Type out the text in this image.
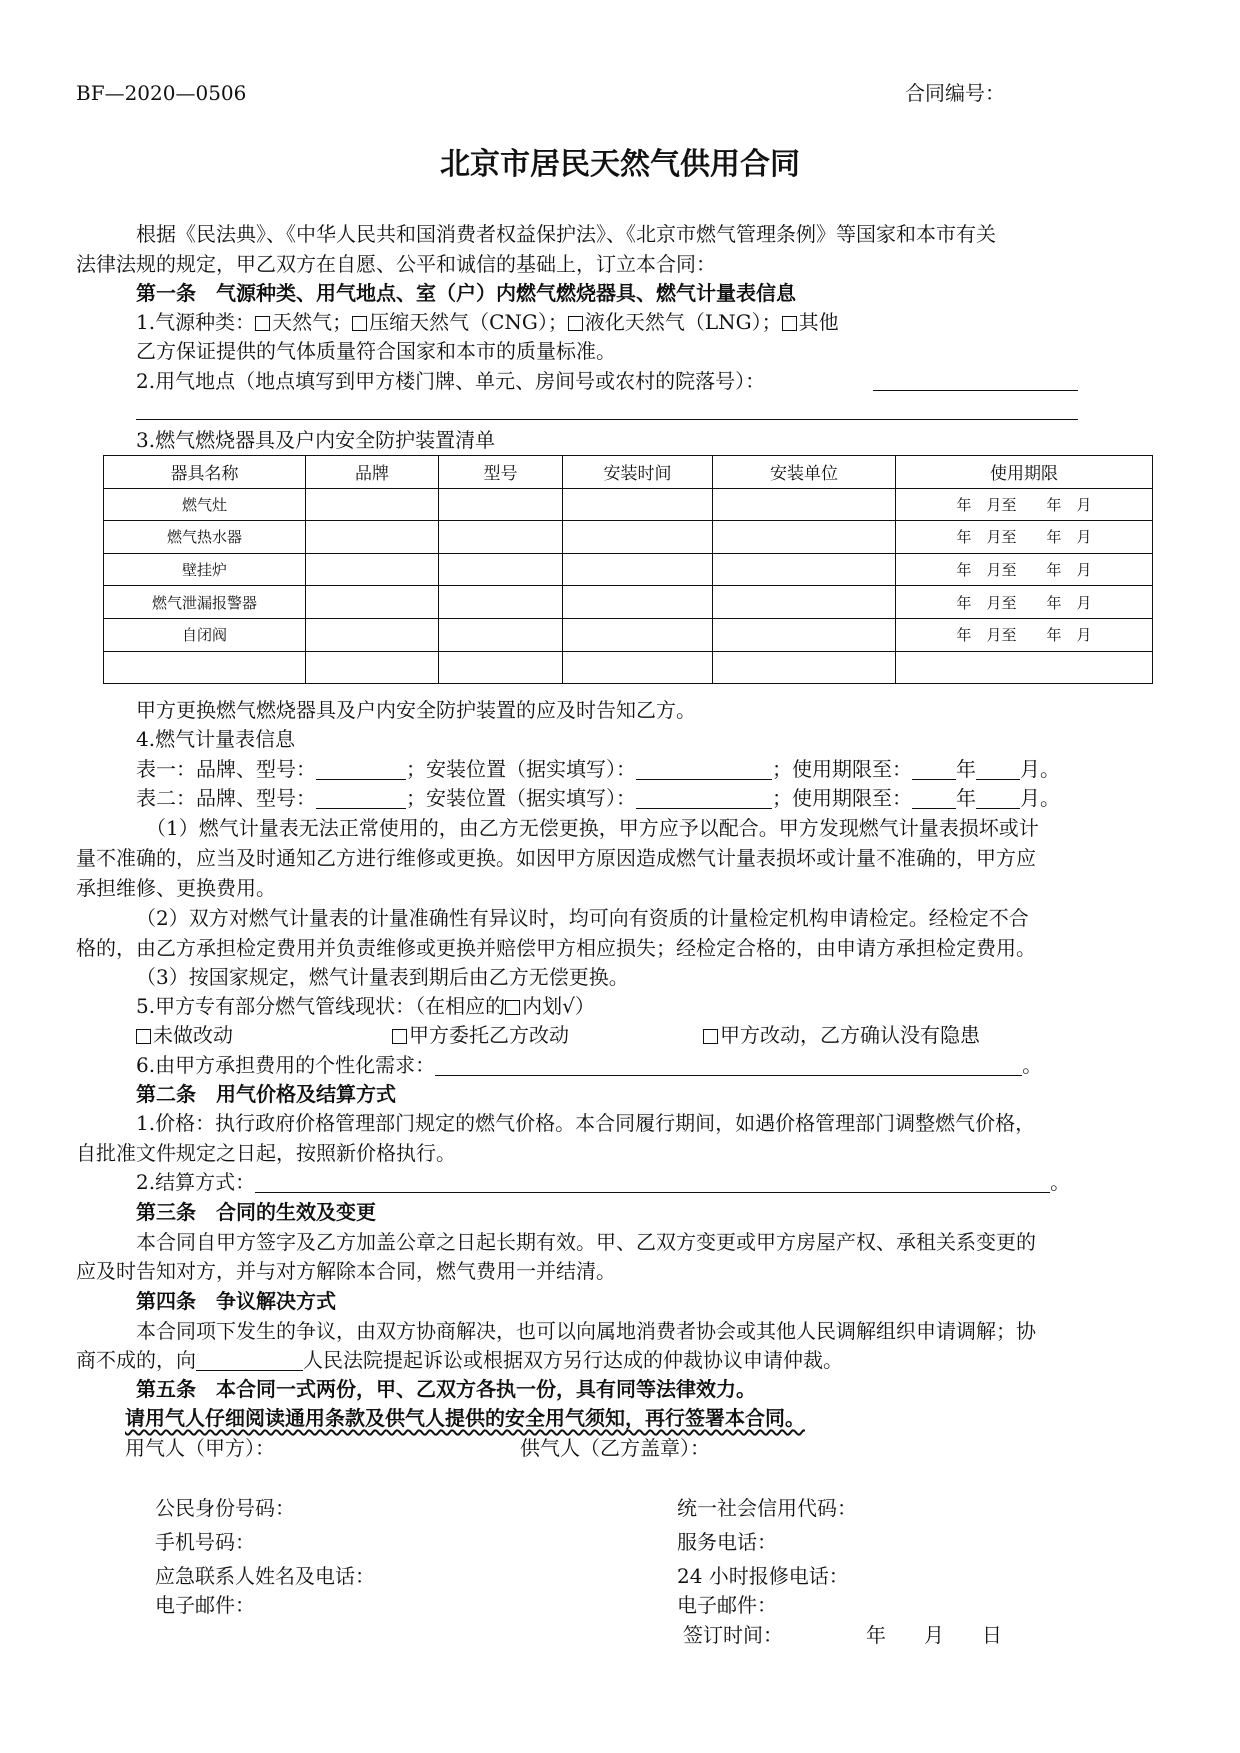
BF—2020—0506	合同编号：
北京市居民天然气供用合同
根据《民法典》、《中华人民共和国消费者权益保护法》、《北京市燃气管理条例》等国家和本市有关
法律法规的规定，甲乙双方在自愿、公平和诚信的基础上，订立本合同：
第一条　气源种类、用气地点、室（户）内燃气燃烧器具、燃气计量表信息
1.气源种类： 天然气； 压缩天然气（CNG）； 液化天然气（LNG）； 其他
乙方保证提供的气体质量符合国家和本市的质量标准。
2.用气地点（地点填写到甲方楼门牌、单元、房间号或农村的院落号）：
3.燃气燃烧器具及户内安全防护装置清单
器具名称	品牌	型号	安装时间	安装单位	使用期限
燃气灶					年　月至　　年　月
燃气热水器					年　月至　　年　月
壁挂炉					年　月至　　年　月
燃气泄漏报警器					年　月至　　年　月
自闭阀					年　月至　　年　月

甲方更换燃气燃烧器具及户内安全防护装置的应及时告知乙方。
4.燃气计量表信息
表一：品牌、型号：	；安装位置（据实填写）：	；使用期限至： 年 月。
表二：品牌、型号：	；安装位置（据实填写）：	；使用期限至： 年 月。
（1）燃气计量表无法正常使用的，由乙方无偿更换，甲方应予以配合。甲方发现燃气计量表损坏或计
量不准确的，应当及时通知乙方进行维修或更换。如因甲方原因造成燃气计量表损坏或计量不准确的，甲方应
承担维修、更换费用。
（2）双方对燃气计量表的计量准确性有异议时，均可向有资质的计量检定机构申请检定。经检定不合
格的，由乙方承担检定费用并负责维修或更换并赔偿甲方相应损失；经检定合格的，由申请方承担检定费用。
（3）按国家规定，燃气计量表到期后由乙方无偿更换。
5.甲方专有部分燃气管线现状：（在相应的 内划√）
未做改动	甲方委托乙方改动	甲方改动，乙方确认没有隐患
6.由甲方承担费用的个性化需求：	。
第二条　用气价格及结算方式
1.价格：执行政府价格管理部门规定的燃气价格。本合同履行期间，如遇价格管理部门调整燃气价格，
自批准文件规定之日起，按照新价格执行。
2.结算方式：	。
第三条　合同的生效及变更
本合同自甲方签字及乙方加盖公章之日起长期有效。甲、乙双方变更或甲方房屋产权、承租关系变更的
应及时告知对方，并与对方解除本合同，燃气费用一并结清。
第四条　争议解决方式
本合同项下发生的争议，由双方协商解决，也可以向属地消费者协会或其他人民调解组织申请调解；协
商不成的，向	人民法院提起诉讼或根据双方另行达成的仲裁协议申请仲裁。
第五条　本合同一式两份，甲、乙双方各执一份，具有同等法律效力。
请用气人仔细阅读通用条款及供气人提供的安全用气须知，再行签署本合同。
用气人（甲方）：	供气人（乙方盖章）：
公民身份号码：
手机号码：
应急联系人姓名及电话：
电子邮件：
统一社会信用代码：
服务电话：
24 小时报修电话：
电子邮件：
签订时间：	年 月 日
